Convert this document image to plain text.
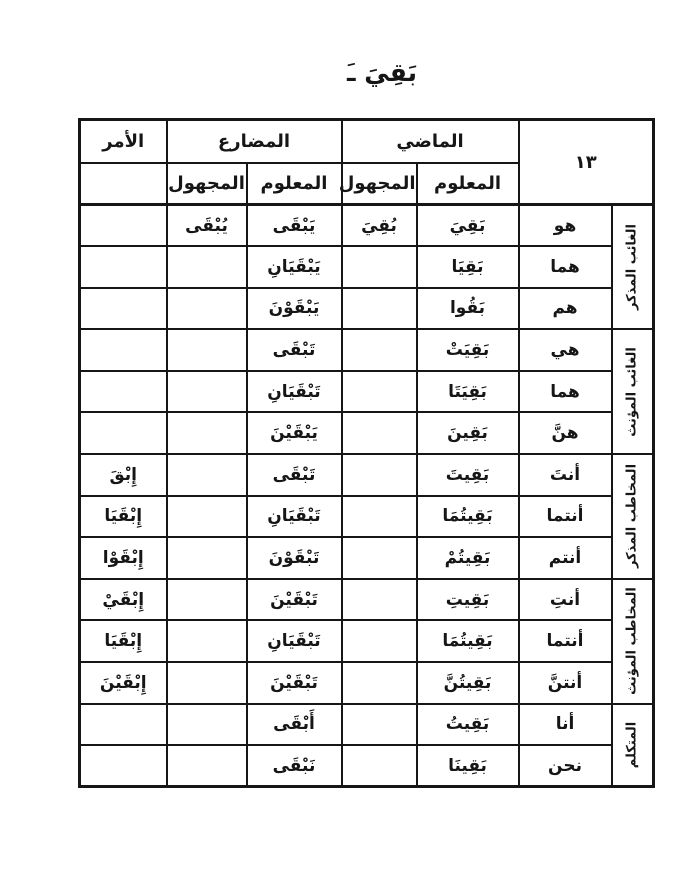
بَقِيَ ـَ
١٣		الماضي		المضارع		الأمر
		المعلوم	المجهول	المعلوم	المجهول	

الغائب المذكر	هو	بَقِيَ	بُقِيَ	يَبْقَى	يُبْقَى	
	هما	بَقِيَا		يَبْقَيَانِ		
	هم	بَقُوا		يَبْقَوْنَ		

الغائب المؤنث	هي	بَقِيَتْ		تَبْقَى		
	هما	بَقِيَتَا		تَبْقَيَانِ		
	هنَّ	بَقِينَ		يَبْقَيْنَ		

المخاطب المذكر	أنتَ	بَقِيتَ		تَبْقَى		إِبْقَ
	أنتما	بَقِيتُمَا		تَبْقَيَانِ		إِبْقَيَا
	أنتم	بَقِيتُمْ		تَبْقَوْنَ		إِبْقَوْا

المخاطب المؤنث	أنتِ	بَقِيتِ		تَبْقَيْنَ		إِبْقَيْ
	أنتما	بَقِيتُمَا		تَبْقَيَانِ		إِبْقَيَا
	أنتنَّ	بَقِيتُنَّ		تَبْقَيْنَ		إِبْقَيْنَ

المتكلم	أنا	بَقِيتُ		أَبْقَى		
	نحن	بَقِينَا		نَبْقَى		
